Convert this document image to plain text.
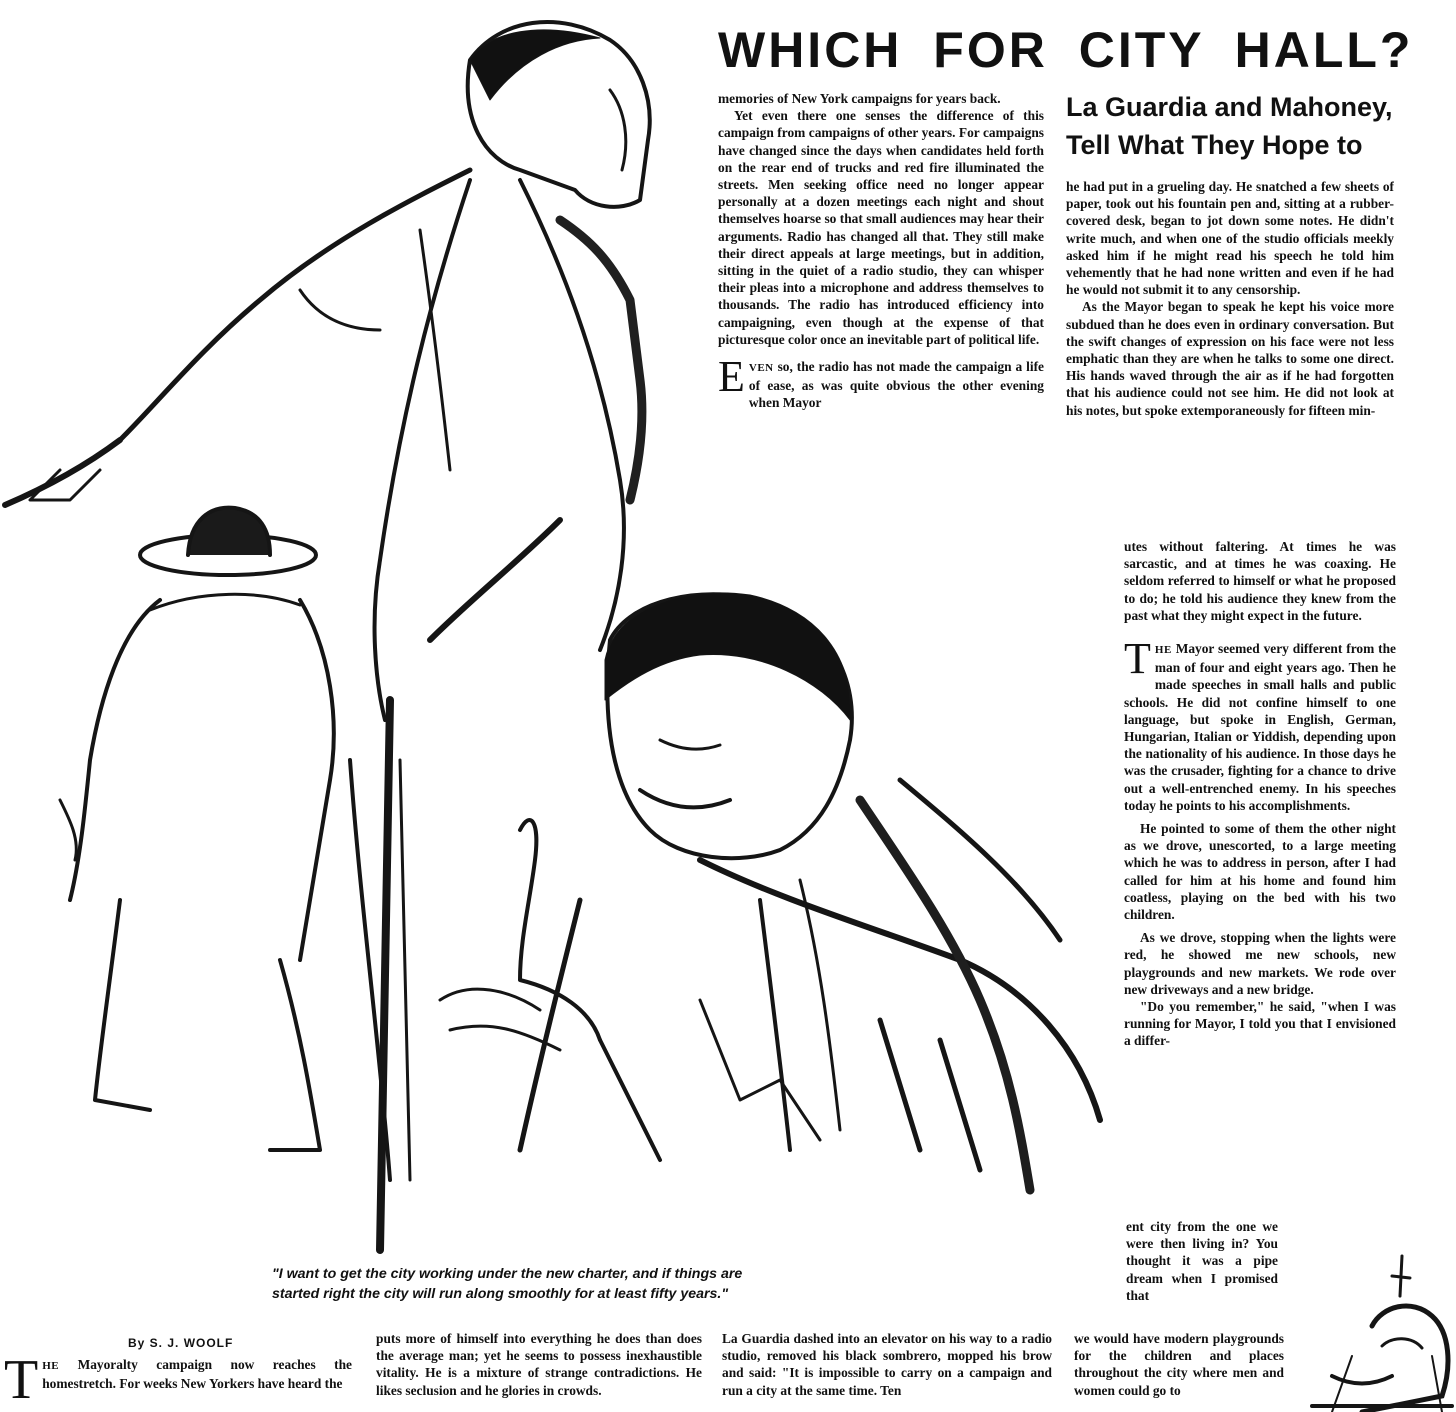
WHICH FOR CITY HALL?
La Guardia and Mahoney,
Tell What They Hope to

memories of New York campaigns for years back.

Yet even there one senses the difference of this campaign from campaigns of other years. For campaigns have changed since the days when candidates held forth on the rear end of trucks and red fire illuminated the streets. Men seeking office need no longer appear personally at a dozen meetings each night and shout themselves hoarse so that small audiences may hear their arguments. Radio has changed all that. They still make their direct appeals at large meetings, but in addition, sitting in the quiet of a radio studio, they can whisper their pleas into a microphone and address themselves to thousands. The radio has introduced efficiency into campaigning, even though at the expense of that picturesque color once an inevitable part of political life.

EVEN so, the radio has not made the campaign a life of ease, as was quite obvious the other evening when Mayor

he had put in a grueling day. He snatched a few sheets of paper, took out his fountain pen and, sitting at a rubber-covered desk, began to jot down some notes. He didn't write much, and when one of the studio officials meekly asked him if he might read his speech he told him vehemently that he had none written and even if he had he would not submit it to any censorship.

As the Mayor began to speak he kept his voice more subdued than he does even in ordinary conversation. But the swift changes of expression on his face were not less emphatic than they are when he talks to some one direct. His hands waved through the air as if he had forgotten that his audience could not see him. He did not look at his notes, but spoke extemporaneously for fifteen min-

utes without faltering. At times he was sarcastic, and at times he was coaxing. He seldom referred to himself or what he proposed to do; he told his audience they knew from the past what they might expect in the future.

THE Mayor seemed very different from the man of four and eight years ago. Then he made speeches in small halls and public schools. He did not confine himself to one language, but spoke in English, German, Hungarian, Italian or Yiddish, depending upon the nationality of his audience. In those days he was the crusader, fighting for a chance to drive out a well-entrenched enemy. In his speeches today he points to his accomplishments.

He pointed to some of them the other night as we drove, unescorted, to a large meeting which he was to address in person, after I had called for him at his home and found him coatless, playing on the bed with his two children.

As we drove, stopping when the lights were red, he showed me new schools, new playgrounds and new markets. We rode over new driveways and a new bridge.

"Do you remember," he said, "when I was running for Mayor, I told you that I envisioned a differ-

ent city from the one we were then living in? You thought it was a pipe dream when I promised that

we would have modern playgrounds for the children and places throughout the city where men and women could go to

"I want to get the city working under the new charter, and if things are
started right the city will run along smoothly for at least fifty years."
By S. J. WOOLF

THE Mayoralty campaign now reaches the homestretch. For weeks New Yorkers have heard the

puts more of himself into everything he does than does the average man; yet he seems to possess inexhaustible vitality. He is a mixture of strange contradictions. He likes seclusion and he glories in crowds.

La Guardia dashed into an elevator on his way to a radio studio, removed his black sombrero, mopped his brow and said: "It is impossible to carry on a campaign and run a city at the same time. Ten
